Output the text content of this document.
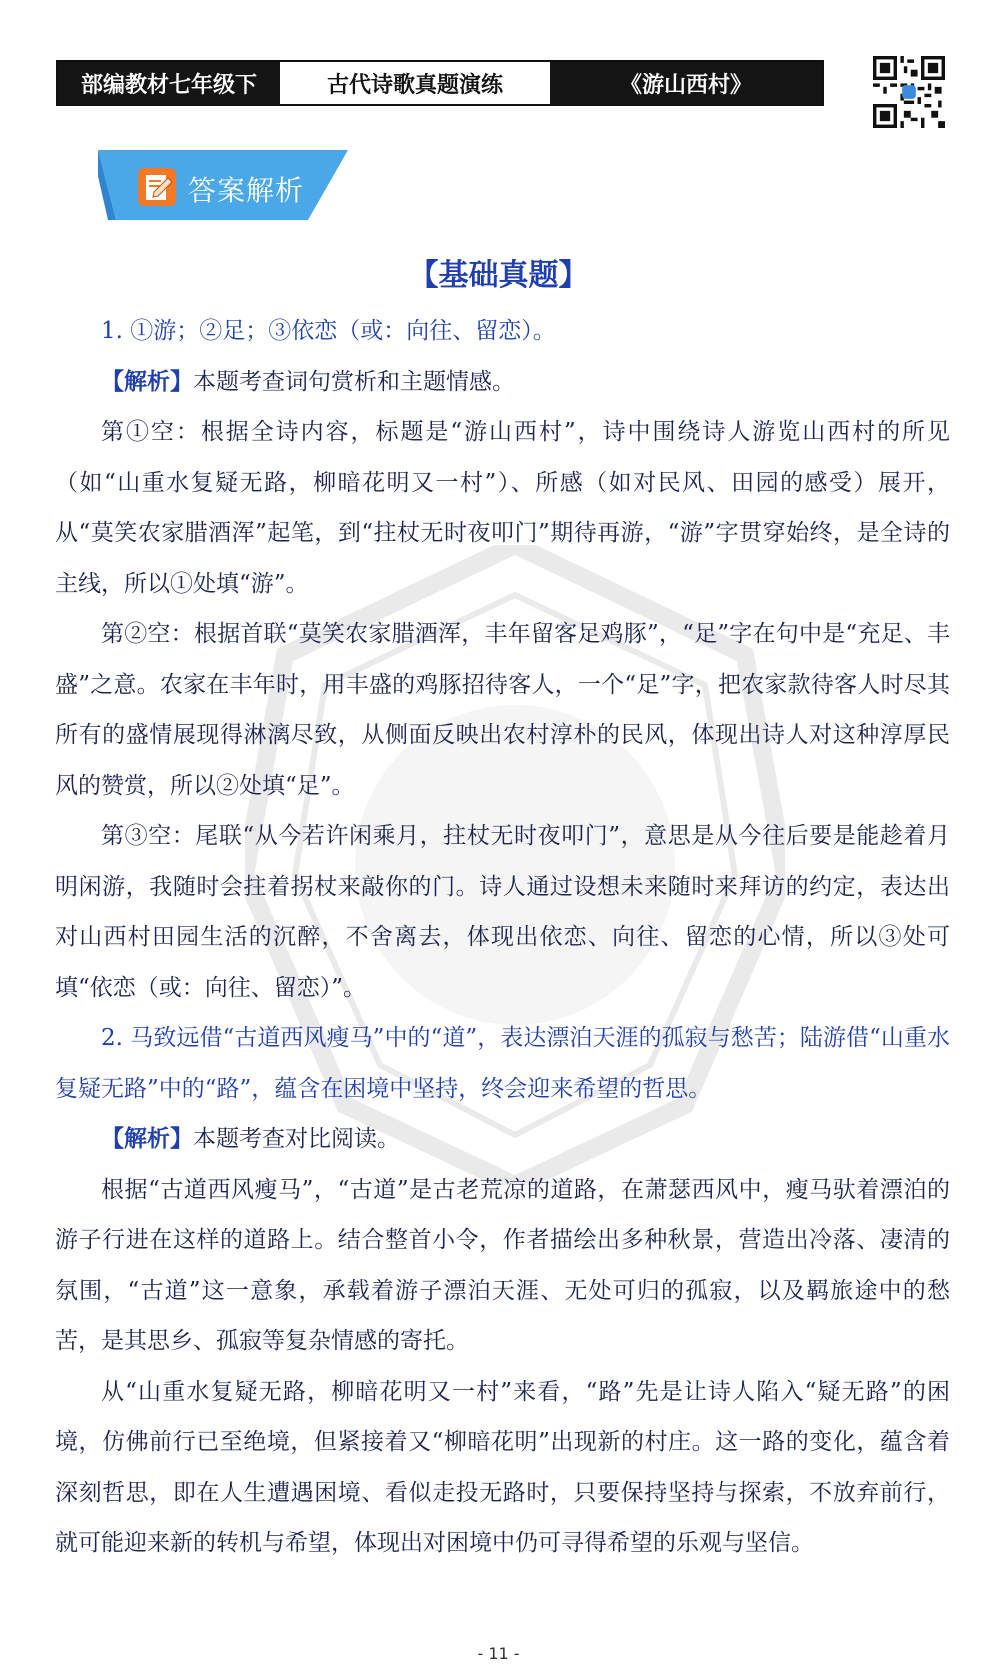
部编教材七年级下	古代诗歌真题演练	《游山西村》
答案解析
【基础真题】

1. ①游；②足；③依恋（或：向往、留恋）。

【解析】本题考查词句赏析和主题情感。

第①空：根据全诗内容，标题是“游山西村”，诗中围绕诗人游览山西村的所见（如“山重水复疑无路，柳暗花明又一村”）、所感（如对民风、田园的感受）展开，从“莫笑农家腊酒浑”起笔，到“拄杖无时夜叩门”期待再游，“游”字贯穿始终，是全诗的主线，所以①处填“游”。

第②空：根据首联“莫笑农家腊酒浑，丰年留客足鸡豚”，“足”字在句中是“充足、丰盛”之意。农家在丰年时，用丰盛的鸡豚招待客人，一个“足”字，把农家款待客人时尽其所有的盛情展现得淋漓尽致，从侧面反映出农村淳朴的民风，体现出诗人对这种淳厚民风的赞赏，所以②处填“足”。

第③空：尾联“从今若许闲乘月，拄杖无时夜叩门”，意思是从今往后要是能趁着月明闲游，我随时会拄着拐杖来敲你的门。诗人通过设想未来随时来拜访的约定，表达出对山西村田园生活的沉醉，不舍离去，体现出依恋、向往、留恋的心情，所以③处可填“依恋（或：向往、留恋）”。

2. 马致远借“古道西风瘦马”中的“道”，表达漂泊天涯的孤寂与愁苦；陆游借“山重水复疑无路”中的“路”，蕴含在困境中坚持，终会迎来希望的哲思。

【解析】本题考查对比阅读。

根据“古道西风瘦马”，“古道”是古老荒凉的道路，在萧瑟西风中，瘦马驮着漂泊的游子行进在这样的道路上。结合整首小令，作者描绘出多种秋景，营造出冷落、凄清的氛围，“古道”这一意象，承载着游子漂泊天涯、无处可归的孤寂，以及羁旅途中的愁苦，是其思乡、孤寂等复杂情感的寄托。

从“山重水复疑无路，柳暗花明又一村”来看，“路”先是让诗人陷入“疑无路”的困境，仿佛前行已至绝境，但紧接着又“柳暗花明”出现新的村庄。这一路的变化，蕴含着深刻哲思，即在人生遭遇困境、看似走投无路时，只要保持坚持与探索，不放弃前行，就可能迎来新的转机与希望，体现出对困境中仍可寻得希望的乐观与坚信。

- 11 -
